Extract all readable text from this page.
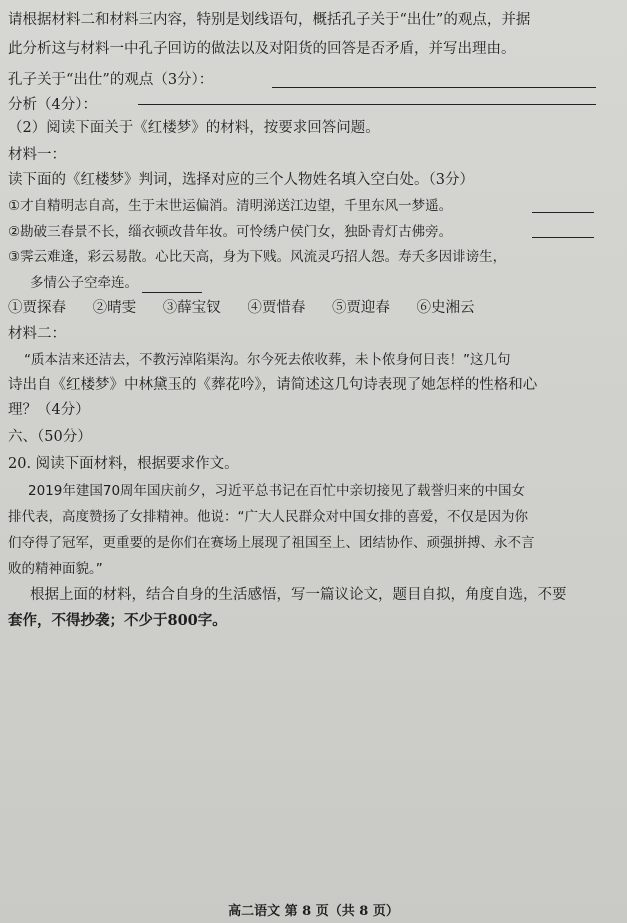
请根据材料二和材料三内容，特别是划线语句，概括孔子关于“出仕”的观点，并据
此分析这与材料一中孔子回访的做法以及对阳货的回答是否矛盾，并写出理由。
孔子关于“出仕”的观点（3分）：
分析（4分）：
（2）阅读下面关于《红楼梦》的材料，按要求回答问题。
材料一：
读下面的《红楼梦》判词，选择对应的三个人物姓名填入空白处。（3分）
①才自精明志自高，生于末世运偏消。清明涕送江边望，千里东风一梦遥。
②勘破三春景不长，缁衣顿改昔年妆。可怜绣户侯门女，独卧青灯古佛旁。
③霁云难逢，彩云易散。心比天高，身为下贱。风流灵巧招人怨。寿夭多因诽谤生，
多情公子空牵连。
①贾探春 ②晴雯 ③薛宝钗 ④贾惜春 ⑤贾迎春 ⑥史湘云
材料二：
“质本洁来还洁去，不教污淖陷渠沟。尔今死去侬收葬，未卜侬身何日丧！”这几句
诗出自《红楼梦》中林黛玉的《葬花吟》，请简述这几句诗表现了她怎样的性格和心
理？（4分）
六、（50分）
20. 阅读下面材料，根据要求作文。
2019年建国70周年国庆前夕，习近平总书记在百忙中亲切接见了载誉归来的中国女
排代表，高度赞扬了女排精神。他说：“广大人民群众对中国女排的喜爱，不仅是因为你
们夺得了冠军，更重要的是你们在赛场上展现了祖国至上、团结协作、顽强拼搏、永不言
败的精神面貌。”
根据上面的材料，结合自身的生活感悟，写一篇议论文，题目自拟，角度自选，不要
套作，不得抄袭；不少于800字。
高二语文 第 8 页（共 8 页）
